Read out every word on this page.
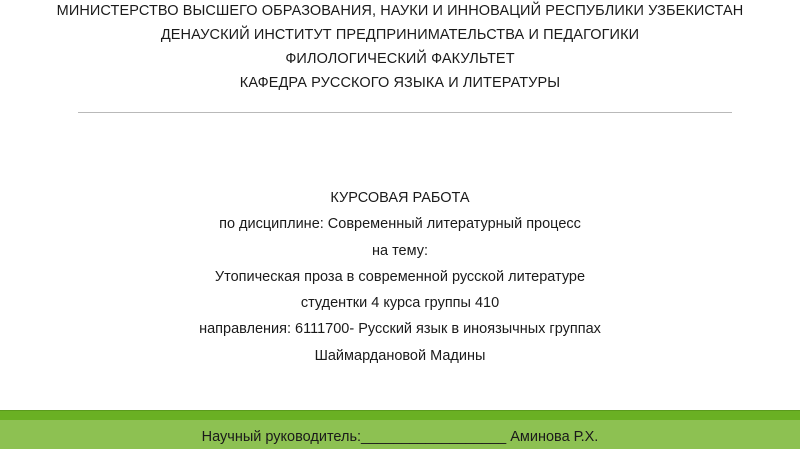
МИНИСТЕРСТВО ВЫСШЕГО ОБРАЗОВАНИЯ, НАУКИ И ИННОВАЦИЙ РЕСПУБЛИКИ УЗБЕКИСТАН
ДЕНАУСКИЙ ИНСТИТУТ ПРЕДПРИНИМАТЕЛЬСТВА И ПЕДАГОГИКИ
ФИЛОЛОГИЧЕСКИЙ ФАКУЛЬТЕТ
КАФЕДРА РУССКОГО ЯЗЫКА И ЛИТЕРАТУРЫ
КУРСОВАЯ РАБОТА
по дисциплине: Современный литературный процесс
на тему:
Утопическая проза в современной русской литературе
студентки 4 курса группы 410
направления: 6111700- Русский язык в иноязычных группах
Шаймардановой Мадины
Научный руководитель:__________________ Аминова Р.Х.
